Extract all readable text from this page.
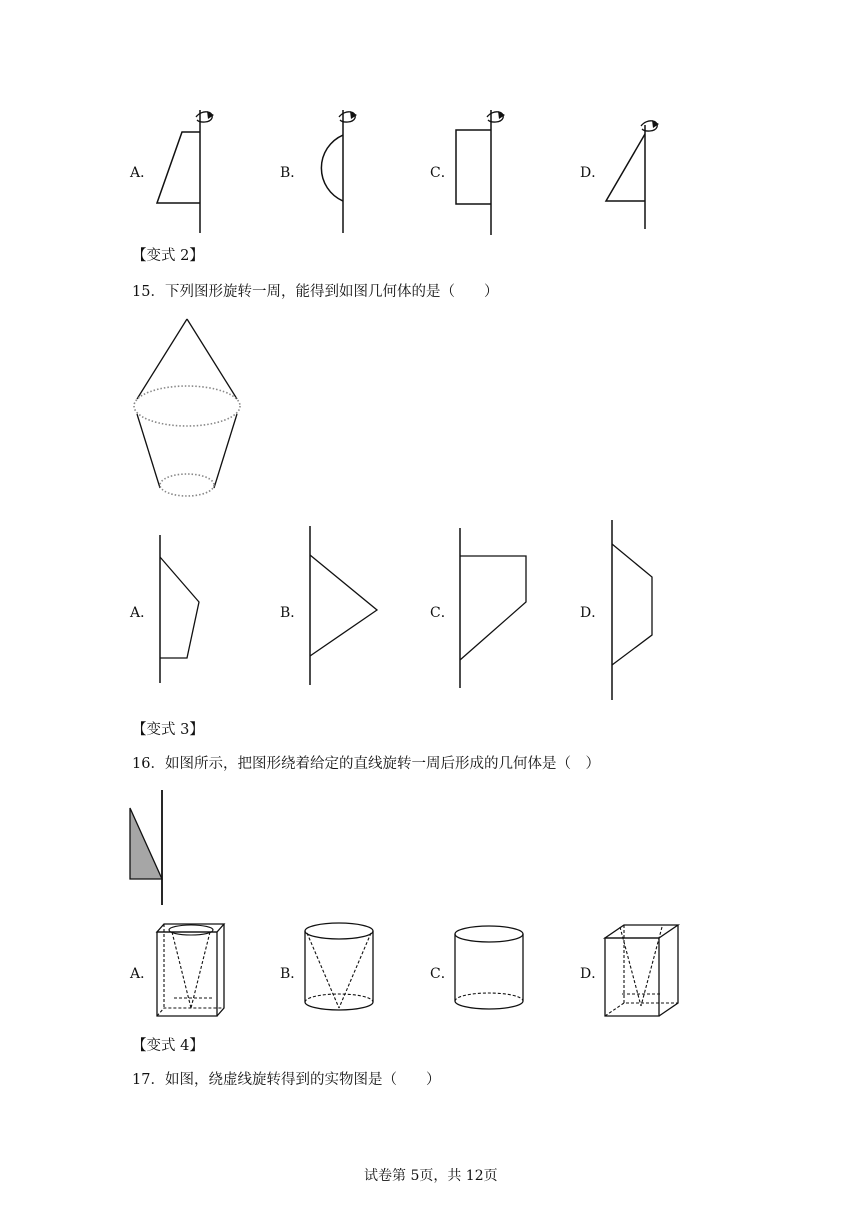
A．	B．	C．	D．
【变式 2】
15．下列图形旋转一周，能得到如图几何体的是（　　）
A．	B．	C．	D．
【变式 3】
16．如图所示，把图形绕着给定的直线旋转一周后形成的几何体是（　）
A．	B．	C．	D．
【变式 4】
17．如图，绕虚线旋转得到的实物图是（　　）
试卷第 5页，共 12页
